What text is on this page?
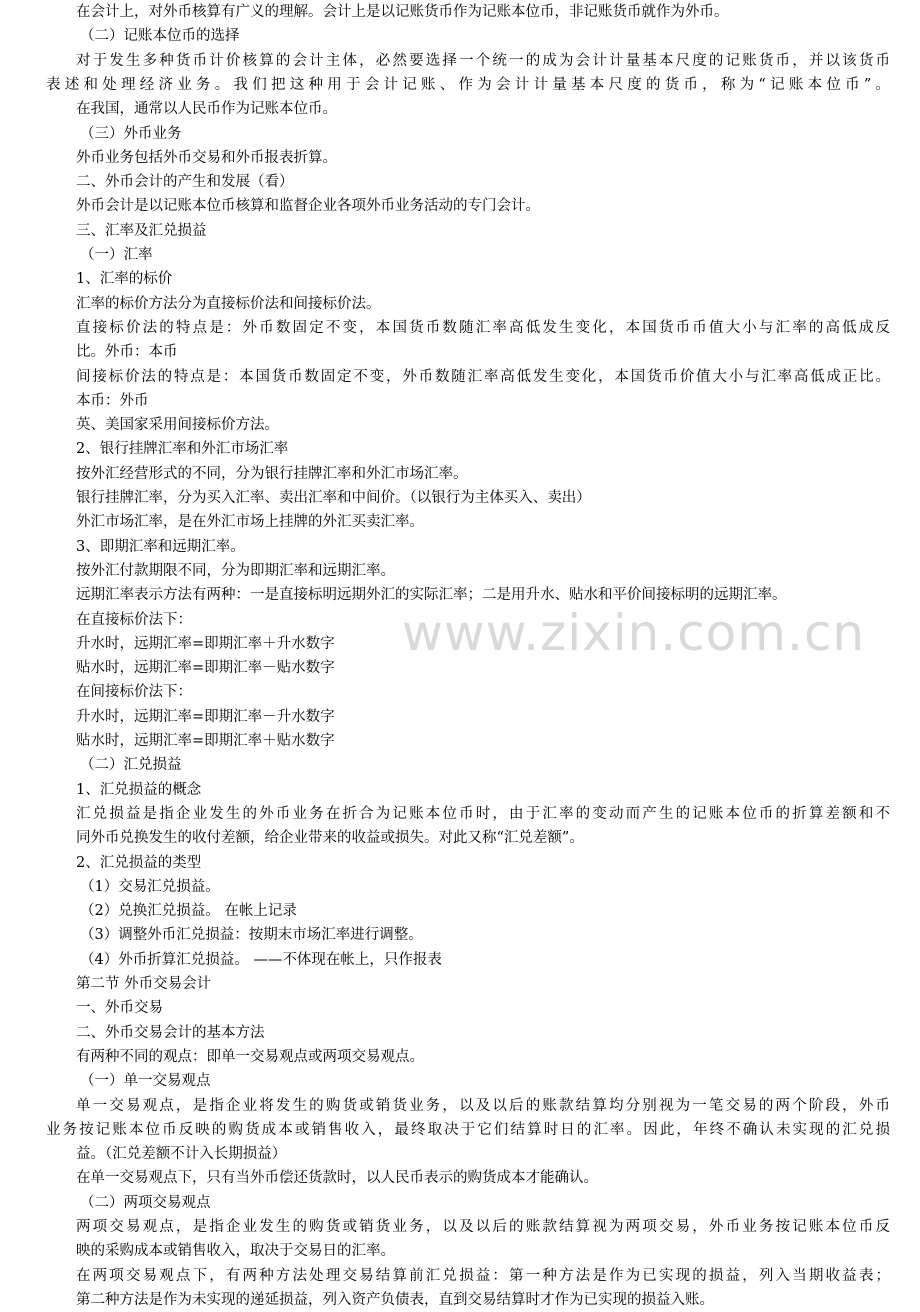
在会计上，对外币核算有广义的理解。会计上是以记账货币作为记账本位币，非记账货币就作为外币。
（二）记账本位币的选择
对于发生多种货币计价核算的会计主体，必然要选择一个统一的成为会计计量基本尺度的记账货币，并以该货币
表述和处理经济业务。我们把这种用于会计记账、作为会计计量基本尺度的货币，称为“记账本位币”。
在我国，通常以人民币作为记账本位币。
（三）外币业务
外币业务包括外币交易和外币报表折算。
二、外币会计的产生和发展（看）
外币会计是以记账本位币核算和监督企业各项外币业务活动的专门会计。
三、汇率及汇兑损益
（一）汇率
1、汇率的标价
汇率的标价方法分为直接标价法和间接标价法。
直接标价法的特点是：外币数固定不变，本国货币数随汇率高低发生变化，本国货币币值大小与汇率的高低成反
比。外币：本币
间接标价法的特点是：本国货币数固定不变，外币数随汇率高低发生变化，本国货币价值大小与汇率高低成正比。
本币：外币
英、美国家采用间接标价方法。
2、银行挂牌汇率和外汇市场汇率
按外汇经营形式的不同，分为银行挂牌汇率和外汇市场汇率。
银行挂牌汇率，分为买入汇率、卖出汇率和中间价。（以银行为主体买入、卖出）
外汇市场汇率，是在外汇市场上挂牌的外汇买卖汇率。
3、即期汇率和远期汇率。
按外汇付款期限不同，分为即期汇率和远期汇率。
远期汇率表示方法有两种：一是直接标明远期外汇的实际汇率；二是用升水、贴水和平价间接标明的远期汇率。
在直接标价法下：
升水时，远期汇率=即期汇率＋升水数字
贴水时，远期汇率=即期汇率－贴水数字
在间接标价法下：
升水时，远期汇率=即期汇率－升水数字
贴水时，远期汇率=即期汇率＋贴水数字
（二）汇兑损益
1、汇兑损益的概念
汇兑损益是指企业发生的外币业务在折合为记账本位币时，由于汇率的变动而产生的记账本位币的折算差额和不
同外币兑换发生的收付差额，给企业带来的收益或损失。对此又称“汇兑差额”。
2、汇兑损益的类型
（1）交易汇兑损益。
（2）兑换汇兑损益。 在帐上记录
（3）调整外币汇兑损益：按期末市场汇率进行调整。
（4）外币折算汇兑损益。 ——不体现在帐上，只作报表
第二节 外币交易会计
一、外币交易
二、外币交易会计的基本方法
有两种不同的观点：即单一交易观点或两项交易观点。
（一）单一交易观点
单一交易观点，是指企业将发生的购货或销货业务，以及以后的账款结算均分别视为一笔交易的两个阶段，外币
业务按记账本位币反映的购货成本或销售收入，最终取决于它们结算时日的汇率。因此，年终不确认未实现的汇兑损
益。（汇兑差额不计入长期损益）
在单一交易观点下，只有当外币偿还货款时，以人民币表示的购货成本才能确认。
（二）两项交易观点
两项交易观点，是指企业发生的购货或销货业务，以及以后的账款结算视为两项交易，外币业务按记账本位币反
映的采购成本或销售收入，取决于交易日的汇率。
在两项交易观点下，有两种方法处理交易结算前汇兑损益：第一种方法是作为已实现的损益，列入当期收益表；
第二种方法是作为未实现的递延损益，列入资产负债表，直到交易结算时才作为已实现的损益入账。
www.zixin.com.cn
